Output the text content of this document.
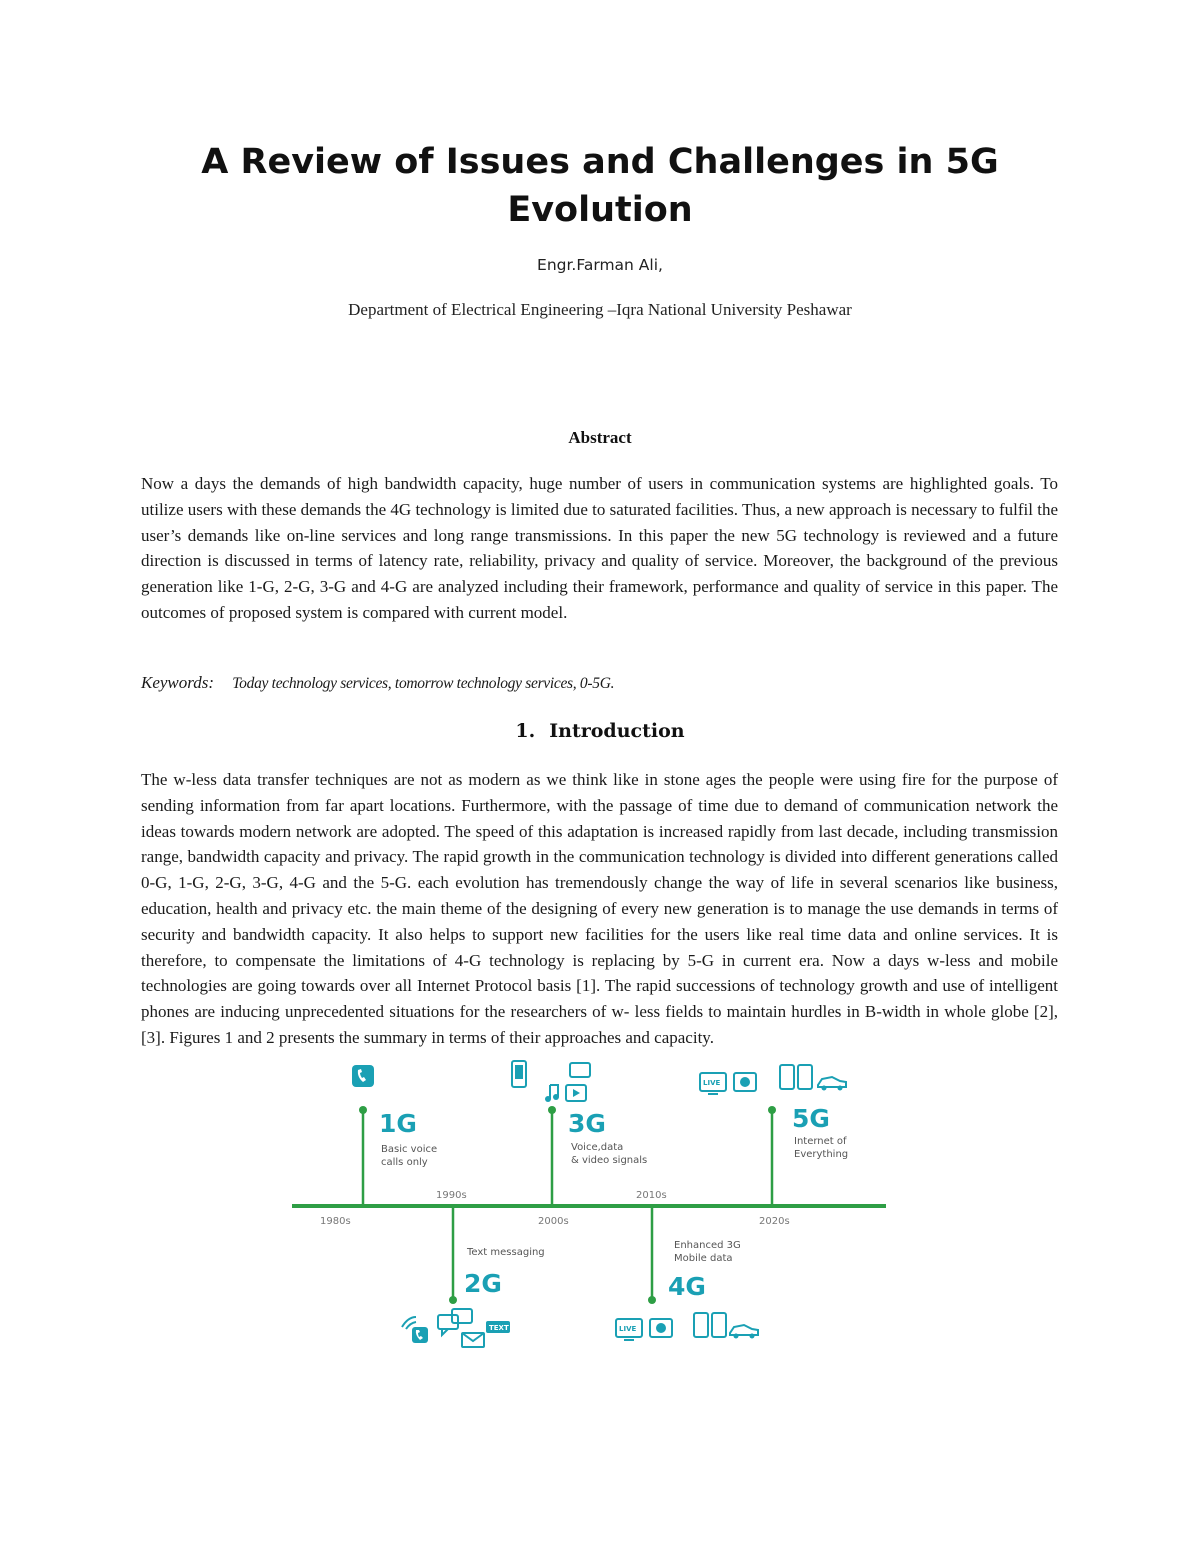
A Review of Issues and Challenges in 5G Evolution
Engr.Farman Ali,
Department of Electrical Engineering –Iqra National University Peshawar
Abstract

Now a days the demands of high bandwidth capacity, huge number of users in communication systems are highlighted goals. To utilize users with these demands the 4G technology is limited due to saturated facilities. Thus, a new approach is necessary to fulfil the user’s demands like on-line services and long range transmissions. In this paper the new 5G technology is reviewed and a future direction is discussed in terms of latency rate, reliability, privacy and quality of service. Moreover, the background of the previous generation like 1-G, 2-G, 3-G and 4-G are analyzed including their framework, performance and quality of service in this paper. The outcomes of proposed system is compared with current model.

Keywords: Today technology services, tomorrow technology services, 0-5G.
1. Introduction

The w-less data transfer techniques are not as modern as we think like in stone ages the people were using fire for the purpose of sending information from far apart locations. Furthermore, with the passage of time due to demand of communication network the ideas towards modern network are adopted. The speed of this adaptation is increased rapidly from last decade, including transmission range, bandwidth capacity and privacy. The rapid growth in the communication technology is divided into different generations called 0-G, 1-G, 2-G, 3-G, 4-G and the 5-G. each evolution has tremendously change the way of life in several scenarios like business, education, health and privacy etc. the main theme of the designing of every new generation is to manage the use demands in terms of security and bandwidth capacity. It also helps to support new facilities for the users like real time data and online services. It is therefore, to compensate the limitations of 4-G technology is replacing by 5-G in current era. Now a days w-less and mobile technologies are going towards over all Internet Protocol basis [1]. The rapid successions of technology growth and use of intelligent phones are inducing unprecedented situations for the researchers of w- less fields to maintain hurdles in B-width in whole globe [2], [3]. Figures 1 and 2 presents the summary in terms of their approaches and capacity.

1980s
1990s
2000s
2010s
2020s
1G
Basic voice
calls only
3G
Voice,data
& video signals
5G
Internet of
Everything
Text messaging
2G
Enhanced 3G
Mobile data
4G
LIVE
TEXT	LIVE
